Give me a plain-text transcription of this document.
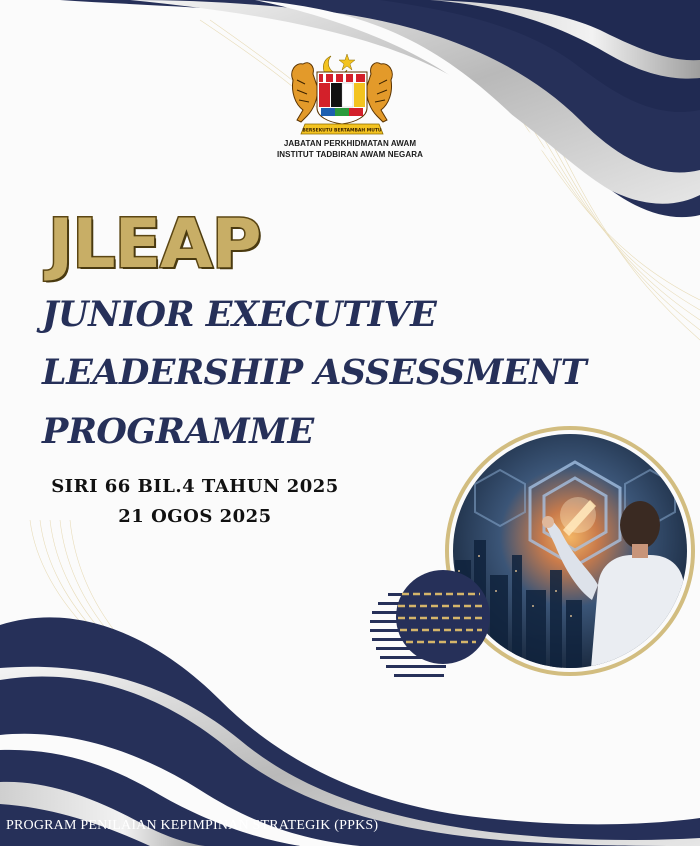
BERSEKUTU BERTAMBAH MUTU
JABATAN PERKHIDMATAN AWAM
INSTITUT TADBIRAN AWAM NEGARA
JLEAP
JUNIOR EXECUTIVE
LEADERSHIP ASSESSMENT
PROGRAMME
SIRI 66 BIL.4 TAHUN 2025
21 OGOS 2025
PROGRAM PENILAIAN KEPIMPINAN STRATEGIK (PPKS)
